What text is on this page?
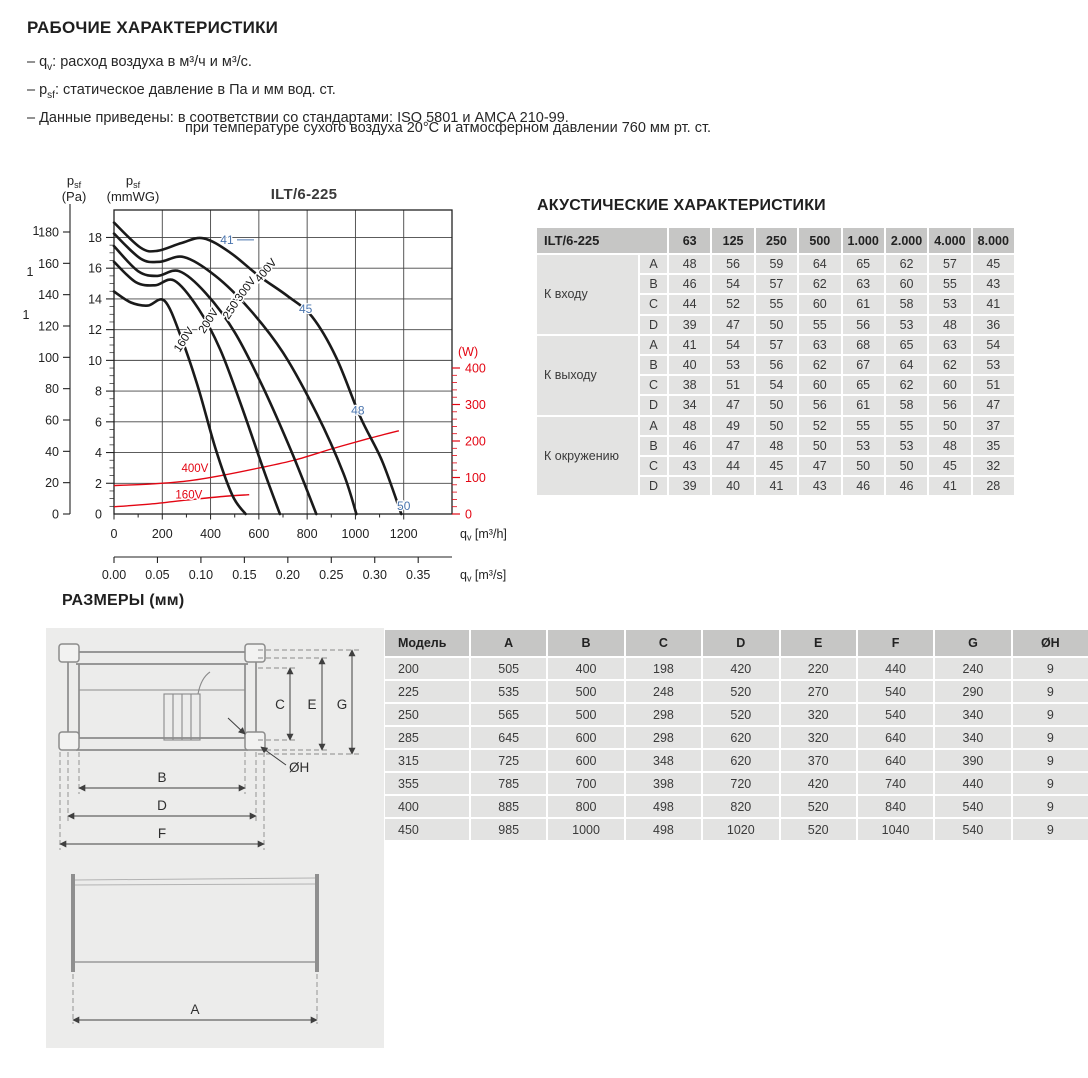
РАБОЧИЕ ХАРАКТЕРИСТИКИ
– $q_v$: расход воздуха в м³/ч и м³/с.
– $p_{sf}$: статическое давление в Па и мм вод. ст.
– Данные приведены: в соответствии со стандартами: ISO 5801 и AMCA 210-99.
при температуре сухого воздуха 20°C и атмосферном давлении 760 мм рт. ст.
0
20
40
60
80
100
120
140
160
180
0
2
4
6
8
10
12
14
16
18
$p_{sf}$
(Pa)
$p_{sf}$
(mmWG)	ILT/6-225
0
100
200
300
400
(W)
0	200 400 600 800 1000 1200	$q_v$ [m³/h]
0.00 0.05 0.10 0.15 0.20 0.25 0.30 0.35 $q_v$ [m³/s]
400V
160V
160V
200V 250V
300V
400V
41
45
48
50
1
1
1
АКУСТИЧЕСКИЕ ХАРАКТЕРИСТИКИ
ILT/6-225	63	125	250	500	1.000 2.000 4.000 8.000
К входу
A	48	56	59	64	65	62	57	45
B	46	54	57	62	63	60	55	43
C	44	52	55	60	61	58	53	41
D	39	47	50	55	56	53	48	36
К выходу
A	41	54	57	63	68	65	63	54
B	40	53	56	62	67	64	62	53
C	38	51	54	60	65	62	60	51
D	34	47	50	56	61	58	56	47
К окружению
A	48	49	50	52	55	55	50	37
B	46	47	48	50	53	53	48	35
C	43	44	45	47	50	50	45	32
D	39	40	41	43	46	46	41	28
РАЗМЕРЫ (мм)
C E G
ØH
B
D
F
A
Модель	A	B	C	D	E	F	G	ØH
200	505	400	198	420	220	440	240	9
225	535	500	248	520	270	540	290	9
250	565	500	298	520	320	540	340	9
285	645	600	298	620	320	640	340	9
315	725	600	348	620	370	640	390	9
355	785	700	398	720	420	740	440	9
400	885	800	498	820	520	840	540	9
450	985	1000	498	1020	520	1040	540	9
